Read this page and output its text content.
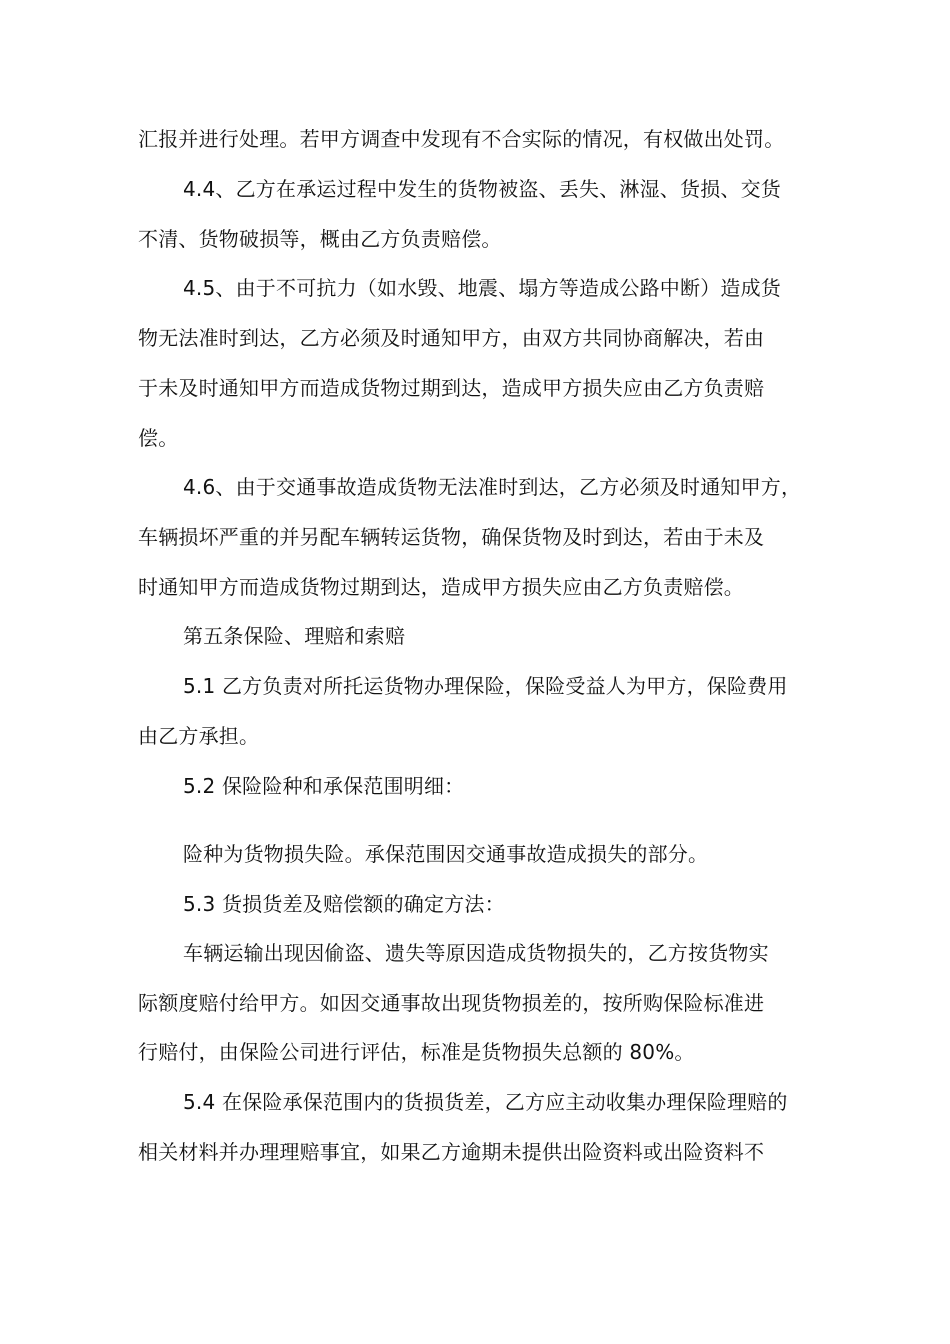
汇报并进行处理。若甲方调查中发现有不合实际的情况，有权做出处罚。
4.4、乙方在承运过程中发生的货物被盗、丢失、淋湿、货损、交货
不清、货物破损等，概由乙方负责赔偿。
4.5、由于不可抗力（如水毁、地震、塌方等造成公路中断）造成货
物无法准时到达，乙方必须及时通知甲方，由双方共同协商解决，若由
于未及时通知甲方而造成货物过期到达，造成甲方损失应由乙方负责赔
偿。
4.6、由于交通事故造成货物无法准时到达，乙方必须及时通知甲方，
车辆损坏严重的并另配车辆转运货物，确保货物及时到达，若由于未及
时通知甲方而造成货物过期到达，造成甲方损失应由乙方负责赔偿。
第五条保险、理赔和索赔
5.1 乙方负责对所托运货物办理保险，保险受益人为甲方，保险费用
由乙方承担。
5.2 保险险种和承保范围明细：
险种为货物损失险。承保范围因交通事故造成损失的部分。
5.3 货损货差及赔偿额的确定方法：
车辆运输出现因偷盗、遗失等原因造成货物损失的，乙方按货物实
际额度赔付给甲方。如因交通事故出现货物损差的，按所购保险标准进
行赔付，由保险公司进行评估，标准是货物损失总额的 80%。
5.4 在保险承保范围内的货损货差，乙方应主动收集办理保险理赔的
相关材料并办理理赔事宜，如果乙方逾期未提供出险资料或出险资料不
